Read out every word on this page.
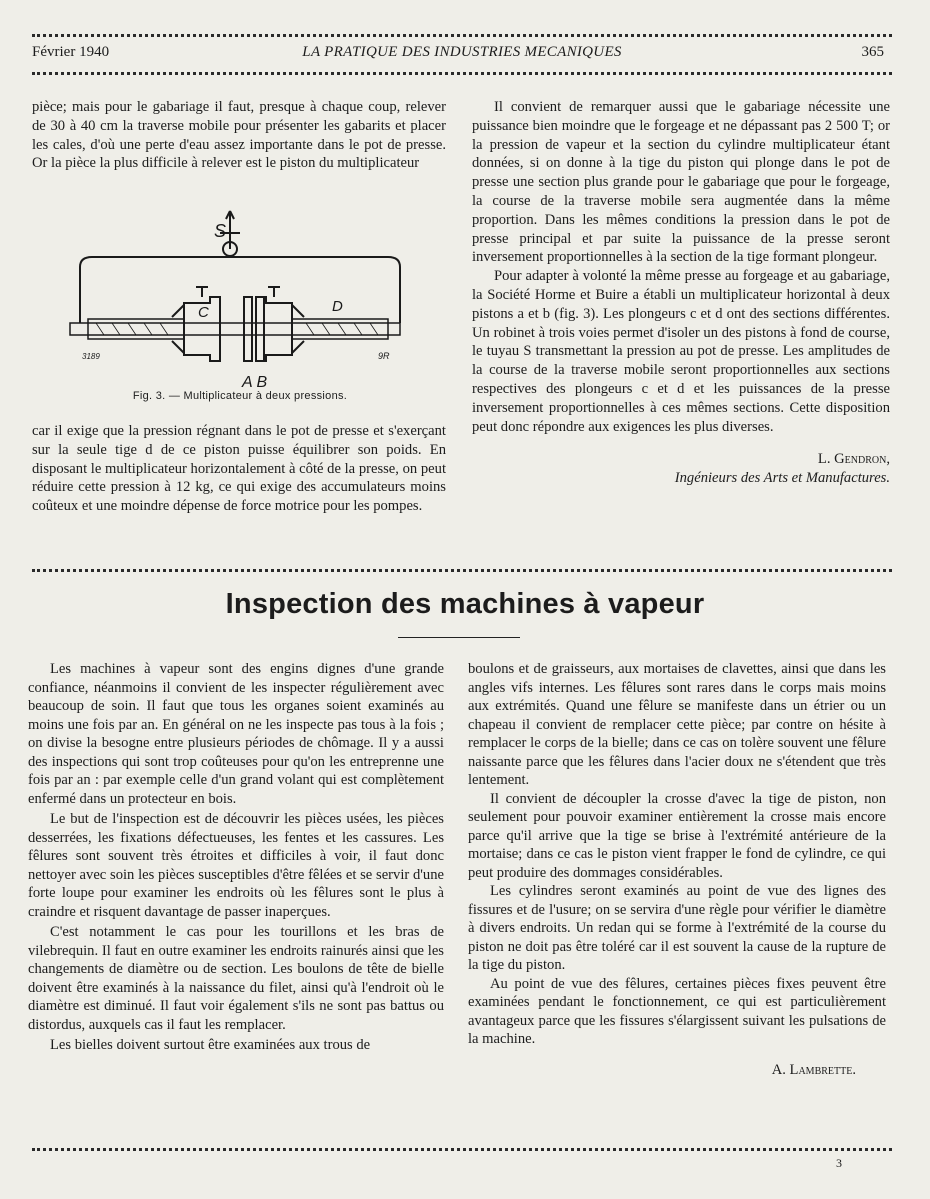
Février 1940	LA PRATIQUE DES INDUSTRIES MECANIQUES	365

pièce; mais pour le gabariage il faut, presque à chaque coup, relever de 30 à 40 cm la traverse mobile pour présenter les gabarits et placer les cales, d'où une perte d'eau assez importante dans le pot de presse. Or la pièce la plus difficile à relever est le piston du multiplicateur

S
C	D
A B
3189	9R
Fig. 3. — Multiplicateur à deux pressions.

car il exige que la pression régnant dans le pot de presse et s'exerçant sur la seule tige d de ce piston puisse équilibrer son poids. En disposant le multiplicateur horizontalement à côté de la presse, on peut réduire cette pression à 12 kg, ce qui exige des accumulateurs moins coûteux et une moindre dépense de force motrice pour les pompes.

Il convient de remarquer aussi que le gabariage nécessite une puissance bien moindre que le forgeage et ne dépassant pas 2 500 T; or la pression de vapeur et la section du cylindre multiplicateur étant données, si on donne à la tige du piston qui plonge dans le pot de presse une section plus grande pour le gabariage que pour le forgeage, la course de la traverse mobile sera augmentée dans la même proportion. Dans les mêmes conditions la pression dans le pot de presse principal et par suite la puissance de la presse seront inversement proportionnelles à la section de la tige formant plongeur.

Pour adapter à volonté la même presse au forgeage et au gabariage, la Société Horme et Buire a établi un multiplicateur horizontal à deux pistons a et b (fig. 3). Les plongeurs c et d ont des sections différentes. Un robinet à trois voies permet d'isoler un des pistons à fond de course, le tuyau S transmettant la pression au pot de presse. Les amplitudes de la course de la traverse mobile seront proportionnelles aux sections respectives des plongeurs c et d et les puissances de la presse inversement proportionnelles à ces mêmes sections. Cette disposition peut donc répondre aux exigences les plus diverses.

L. Gendron,
Ingénieurs des Arts et Manufactures.
Inspection des machines à vapeur

Les machines à vapeur sont des engins dignes d'une grande confiance, néanmoins il convient de les inspecter régulièrement avec beaucoup de soin. Il faut que tous les organes soient examinés au moins une fois par an. En général on ne les inspecte pas tous à la fois ; on divise la besogne entre plusieurs périodes de chômage. Il y a aussi des inspections qui sont trop coûteuses pour qu'on les entreprenne une fois par an : par exemple celle d'un grand volant qui est complètement enfermé dans un protecteur en bois.

Le but de l'inspection est de découvrir les pièces usées, les pièces desserrées, les fixations défectueuses, les fentes et les cassures. Les fêlures sont souvent très étroites et difficiles à voir, il faut donc nettoyer avec soin les pièces susceptibles d'être fêlées et se servir d'une forte loupe pour examiner les endroits où les fêlures sont le plus à craindre et risquent davantage de passer inaperçues.

C'est notamment le cas pour les tourillons et les bras de vilebrequin. Il faut en outre examiner les endroits rainurés ainsi que les changements de diamètre ou de section. Les boulons de tête de bielle doivent être examinés à la naissance du filet, ainsi qu'à l'endroit où le diamètre est diminué. Il faut voir également s'ils ne sont pas battus ou distordus, auxquels cas il faut les remplacer.

Les bielles doivent surtout être examinées aux trous de

boulons et de graisseurs, aux mortaises de clavettes, ainsi que dans les angles vifs internes. Les fêlures sont rares dans le corps mais moins aux extrémités. Quand une fêlure se manifeste dans un étrier ou un chapeau il convient de remplacer cette pièce; par contre on hésite à remplacer le corps de la bielle; dans ce cas on tolère souvent une fêlure naissante parce que les fêlures dans l'acier doux ne s'étendent que très lentement.

Il convient de découpler la crosse d'avec la tige de piston, non seulement pour pouvoir examiner entièrement la crosse mais encore parce qu'il arrive que la tige se brise à l'extrémité antérieure de la mortaise; dans ce cas le piston vient frapper le fond de cylindre, ce qui peut produire des dommages considérables.

Les cylindres seront examinés au point de vue des lignes des fissures et de l'usure; on se servira d'une règle pour vérifier le diamètre à divers endroits. Un redan qui se forme à l'extrémité de la course du piston ne doit pas être toléré car il est souvent la cause de la rupture de la tige du piston.

Au point de vue des fêlures, certaines pièces fixes peuvent être examinées pendant le fonctionnement, ce qui est particulièrement avantageux parce que les fissures s'élargissent suivant les pulsations de la machine.

A. Lambrette.
3
